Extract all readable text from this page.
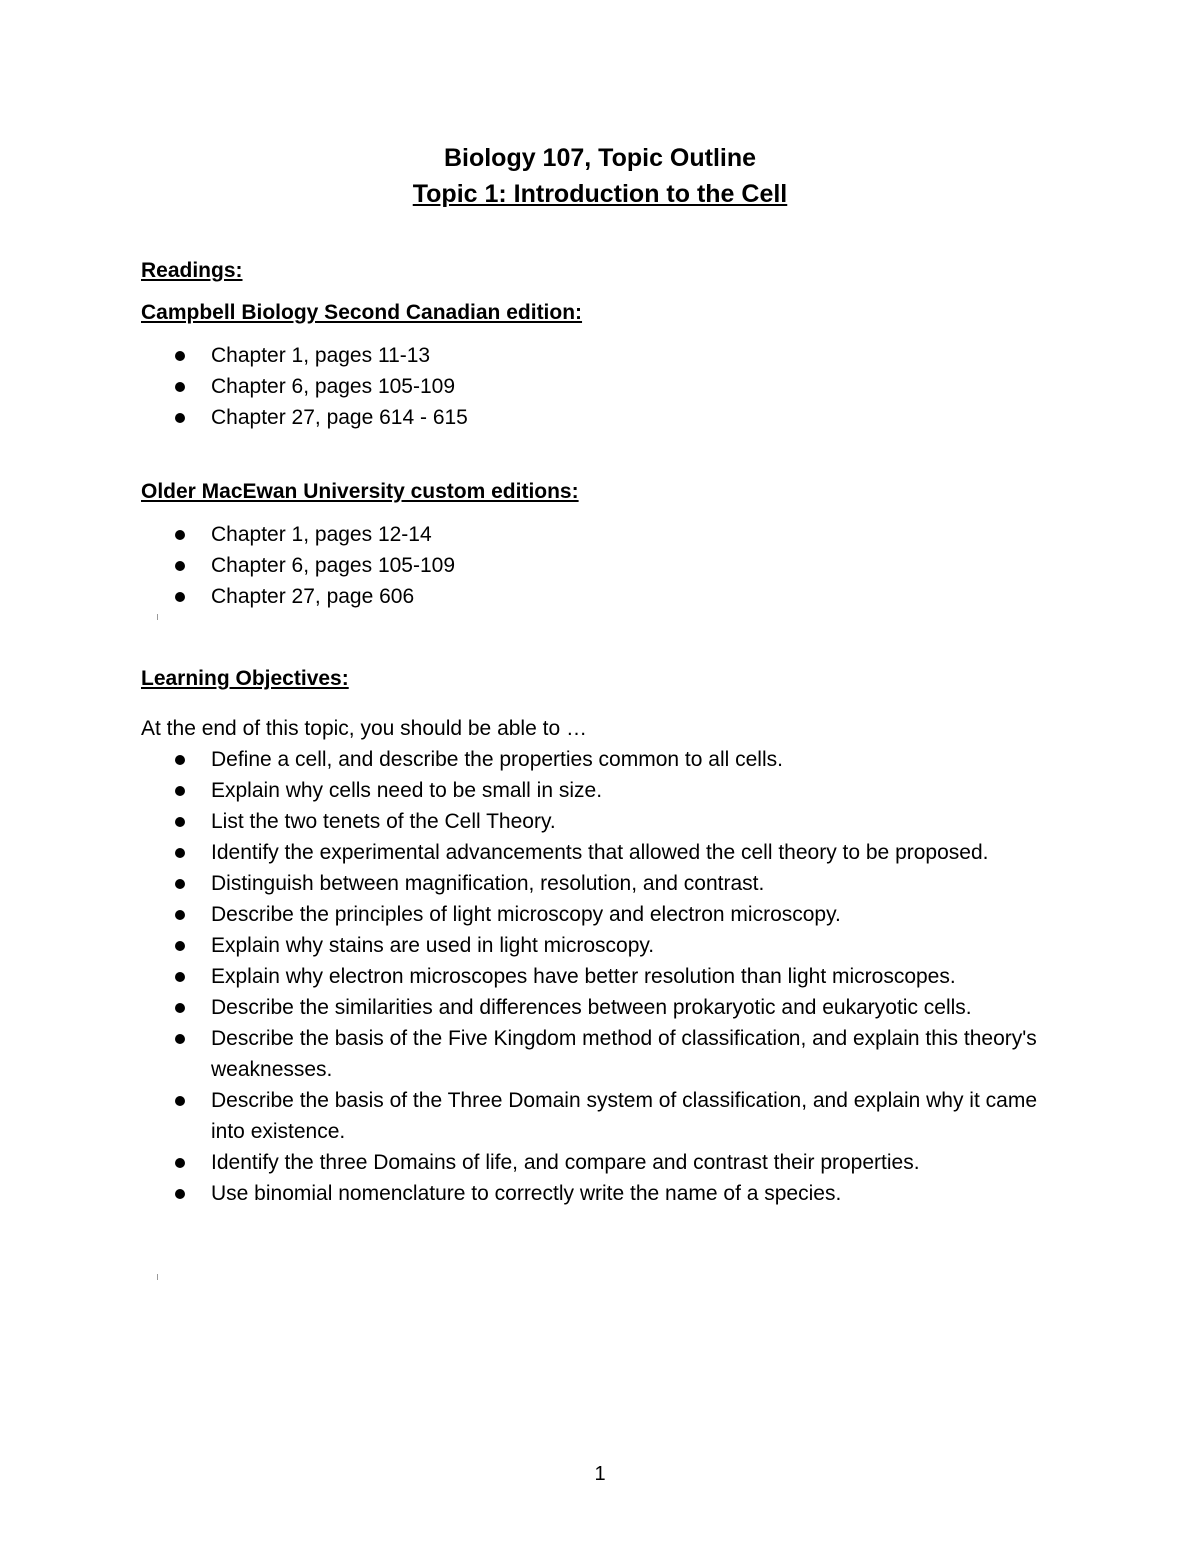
Biology 107, Topic Outline
Topic 1: Introduction to the Cell
Readings:
Campbell Biology Second Canadian edition:
Chapter 1, pages 11-13
Chapter 6, pages 105-109
Chapter 27, page 614 - 615
Older MacEwan University custom editions:
Chapter 1, pages 12-14
Chapter 6, pages 105-109
Chapter 27, page 606
Learning Objectives:
At the end of this topic, you should be able to …
Define a cell, and describe the properties common to all cells.
Explain why cells need to be small in size.
List the two tenets of the Cell Theory.
Identify the experimental advancements that allowed the cell theory to be proposed.
Distinguish between magnification, resolution, and contrast.
Describe the principles of light microscopy and electron microscopy.
Explain why stains are used in light microscopy.
Explain why electron microscopes have better resolution than light microscopes.
Describe the similarities and differences between prokaryotic and eukaryotic cells.
Describe the basis of the Five Kingdom method of classification, and explain this theory's weaknesses.
Describe the basis of the Three Domain system of classification, and explain why it came into existence.
Identify the three Domains of life, and compare and contrast their properties.
Use binomial nomenclature to correctly write the name of a species.
1
